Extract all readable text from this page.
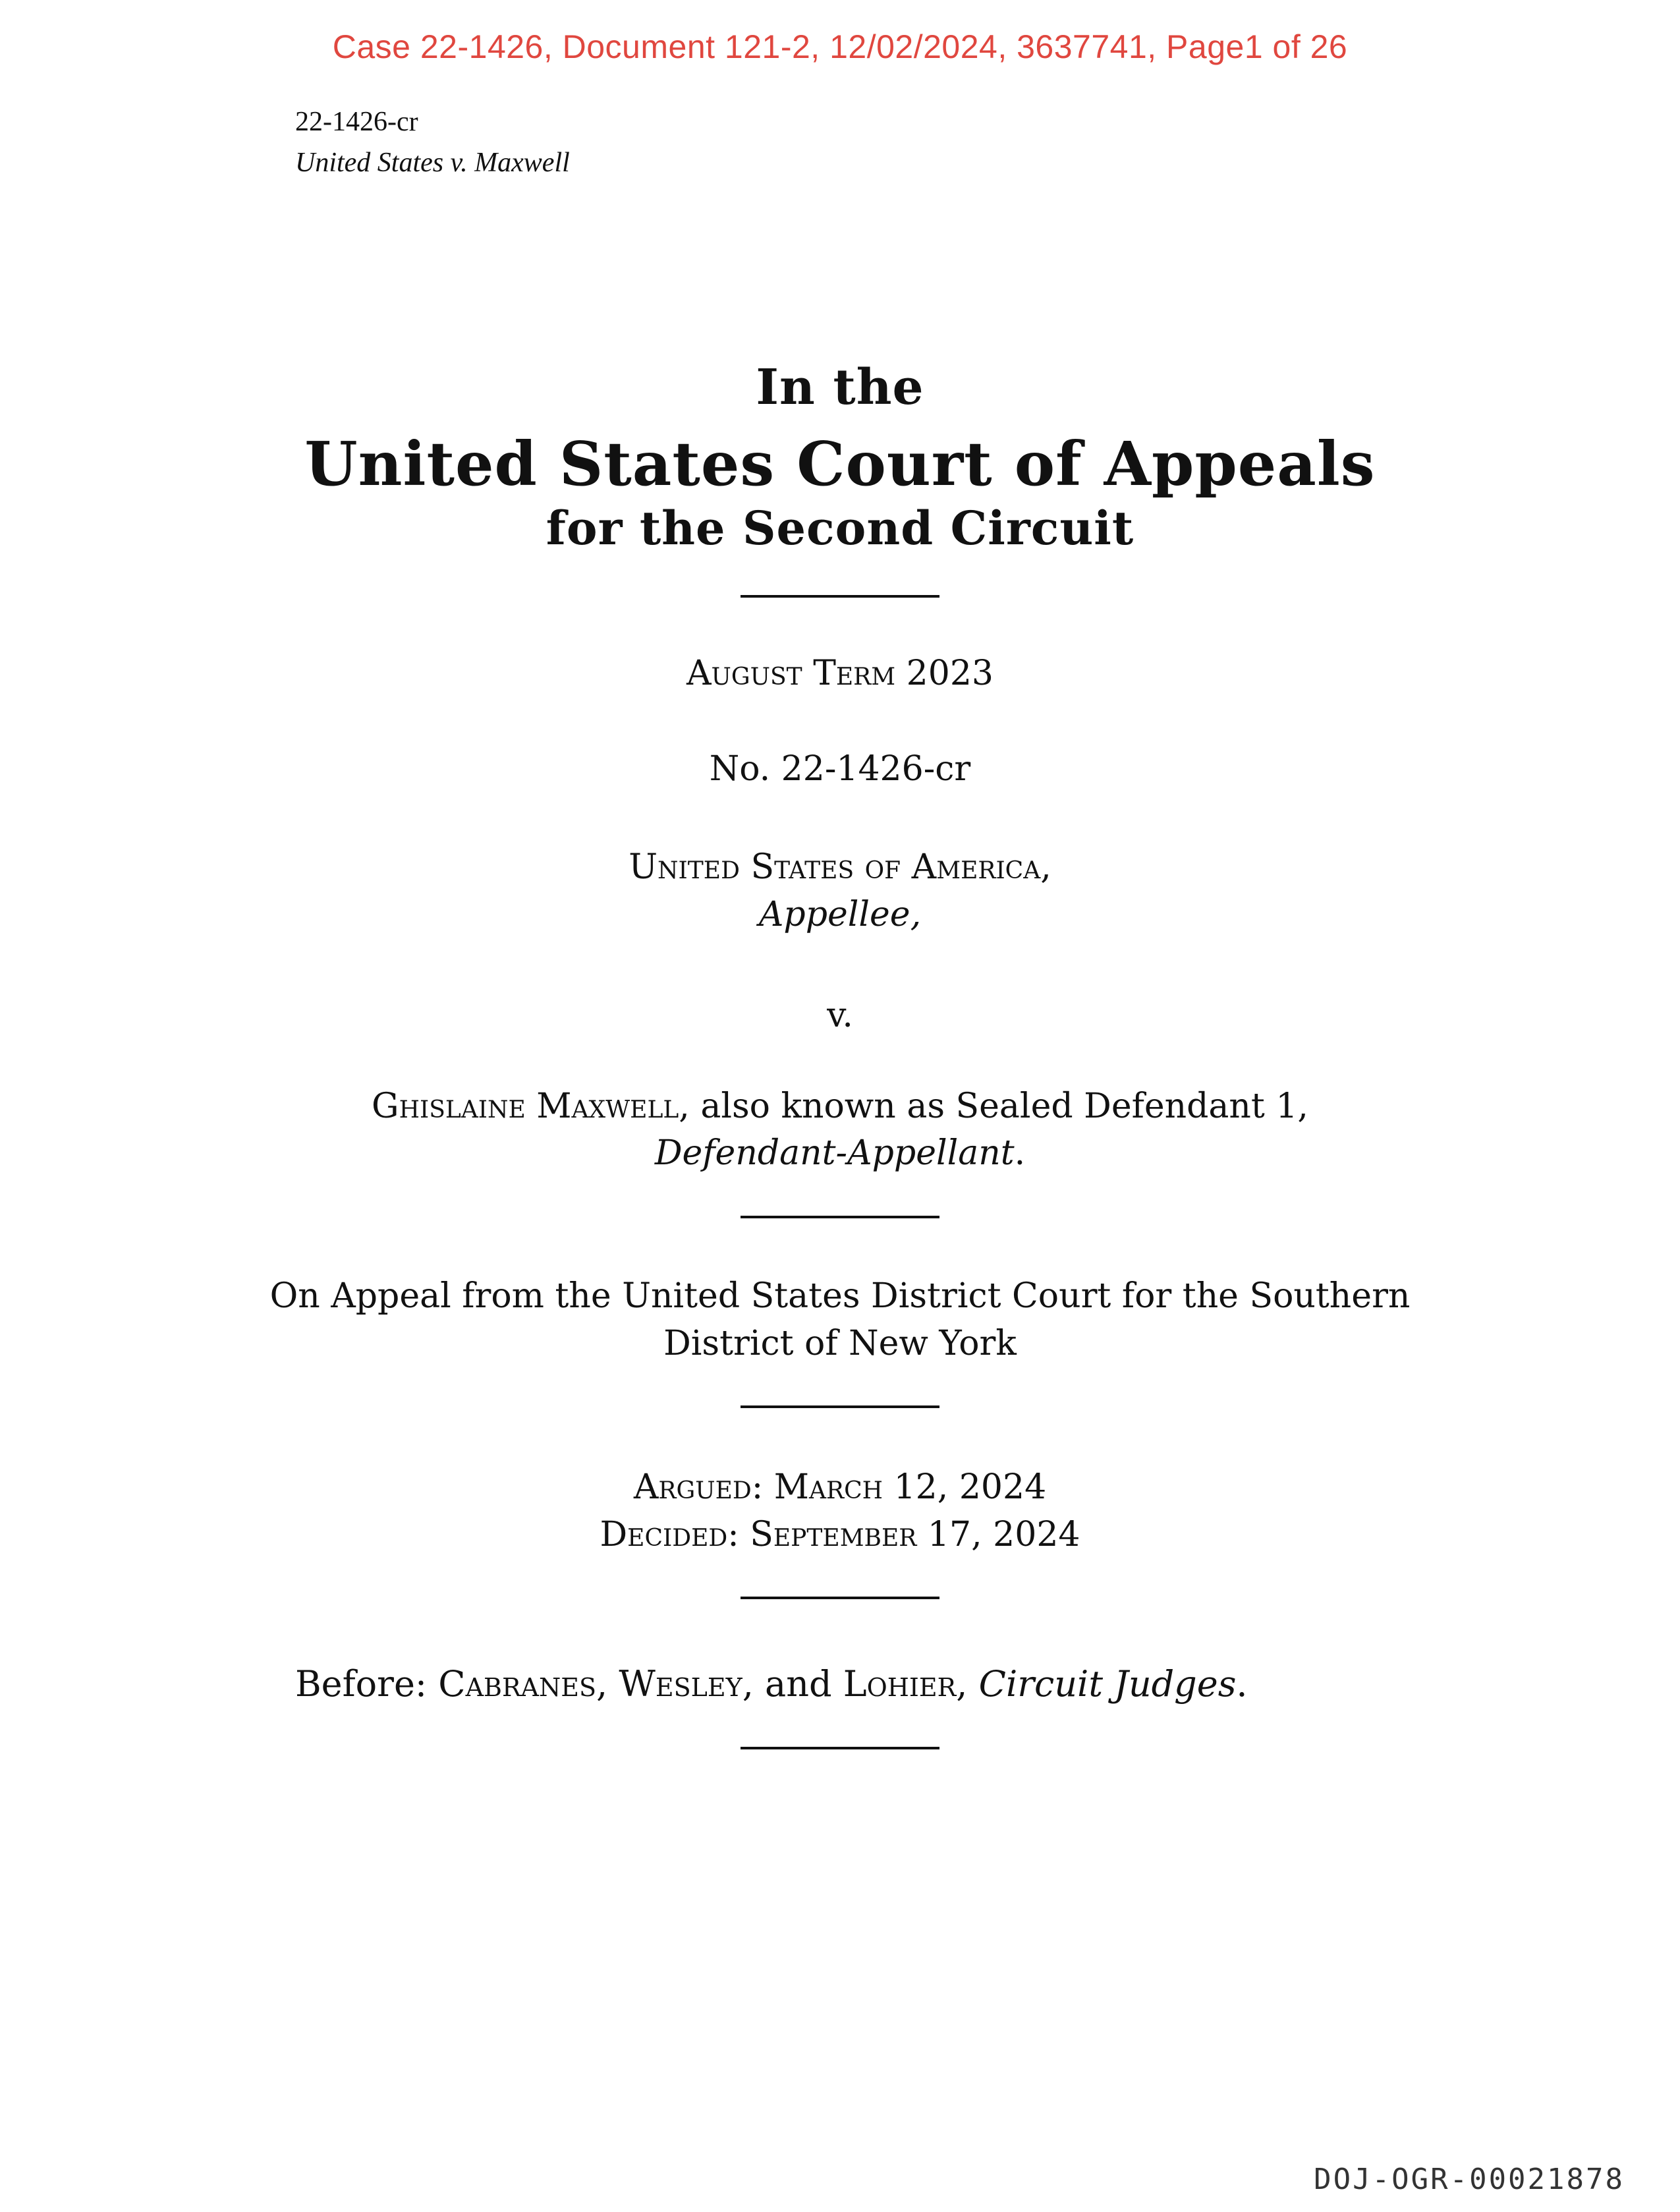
Case 22-1426, Document 121-2, 12/02/2024, 3637741, Page1 of 26
22-1426-cr
United States v. Maxwell
In the
United States Court of Appeals
for the Second Circuit
August Term 2023
No. 22-1426-cr
United States of America,
Appellee,
v.
Ghislaine Maxwell, also known as Sealed Defendant 1,
Defendant-Appellant.
On Appeal from the United States District Court for the Southern
District of New York
Argued: March 12, 2024
Decided: September 17, 2024
Before: Cabranes, Wesley, and Lohier, Circuit Judges.
DOJ-OGR-00021878
